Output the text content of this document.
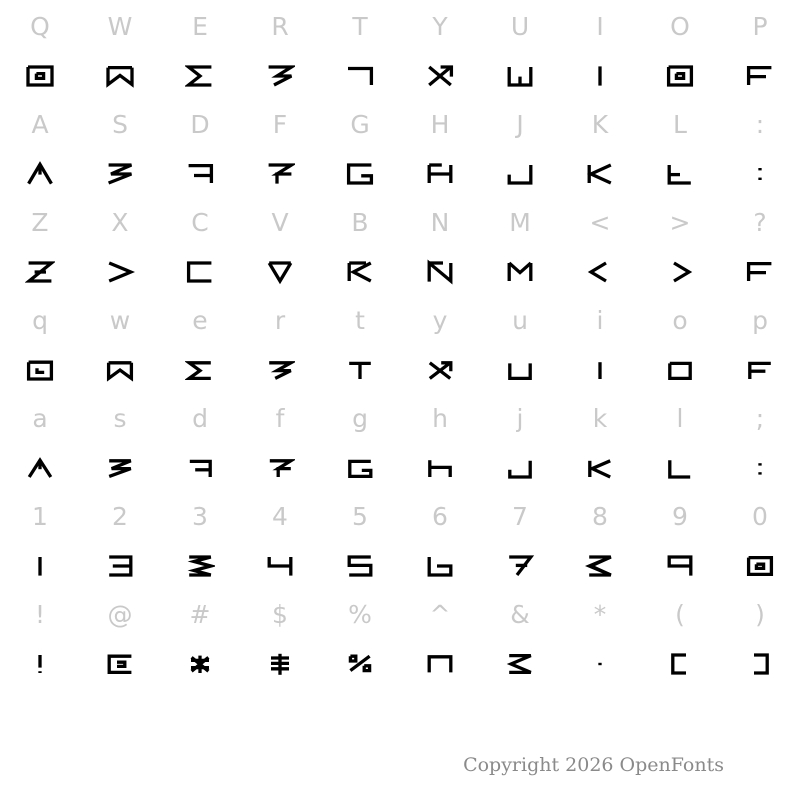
Q	W	E	R	T	Y	U	I	O	P
A	S	D	F	G	H	J	K	L	:
Z	X	C	V	B	N	M	<	>	?
q	w	e	r	t	y	u	i	o	p
a	s	d	f	g	h	j	k	l	;
1	2	3	4	5	6	7	8	9	0
!	@	#	$	%	^	&	*	(	)
Copyright 2026 OpenFonts
